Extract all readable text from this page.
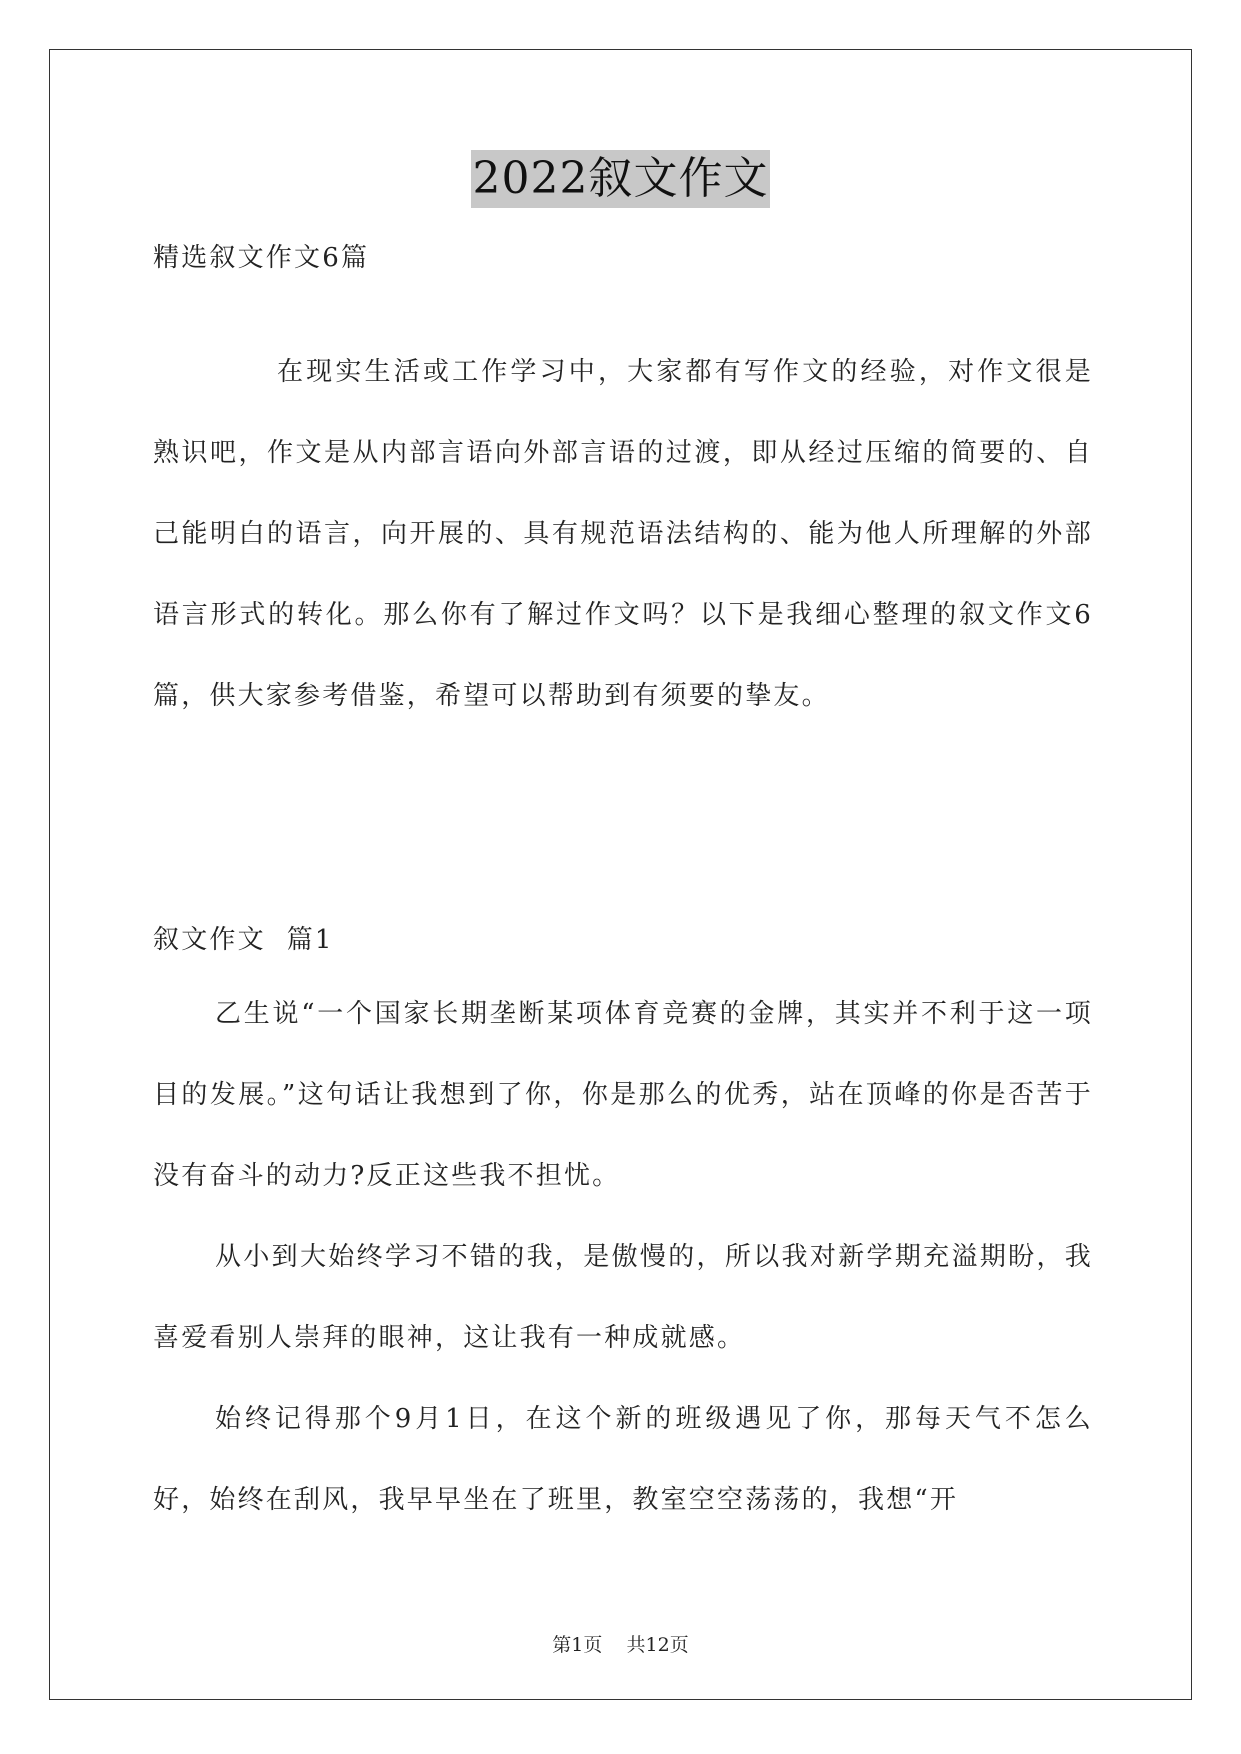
2022叙文作文
精选叙文作文6篇

在现实生活或工作学习中，大家都有写作文的经验，对作文很是熟识吧，作文是从内部言语向外部言语的过渡，即从经过压缩的简要的、自己能明白的语言，向开展的、具有规范语法结构的、能为他人所理解的外部语言形式的转化。那么你有了解过作文吗？以下是我细心整理的叙文作文6篇，供大家参考借鉴，希望可以帮助到有须要的挚友。

叙文作文  篇1

乙生说“一个国家长期垄断某项体育竞赛的金牌，其实并不利于这一项目的发展。”这句话让我想到了你，你是那么的优秀，站在顶峰的你是否苦于没有奋斗的动力?反正这些我不担忧。

从小到大始终学习不错的我，是傲慢的，所以我对新学期充溢期盼，我喜爱看别人崇拜的眼神，这让我有一种成就感。

始终记得那个9月1日，在这个新的班级遇见了你，那每天气不怎么好，始终在刮风，我早早坐在了班里，教室空空荡荡的，我想“开

第1页 共12页
